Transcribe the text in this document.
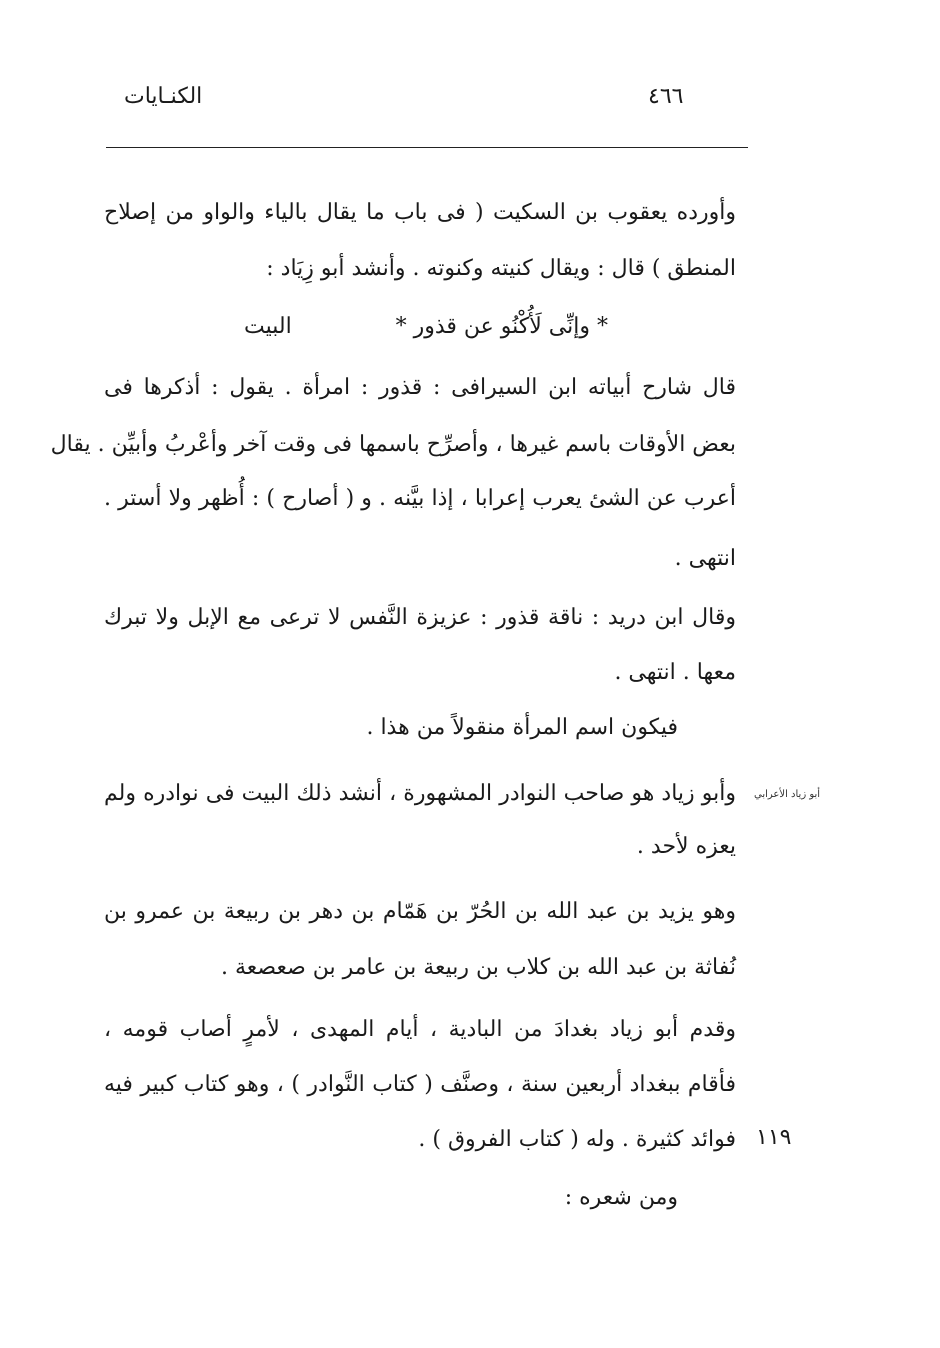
٤٦٦
الكنـايات
وأورده يعقوب بن السكيت ( فى باب ما يقال بالياء والواو من إصلاح
المنطق ) قال : ويقال كنيته وكنوته . وأنشد أبو زِيَاد :
* وإنِّى لَأُكْنُو عن قذور *
البيت
قال شارح أبياته ابن السيرافى : قذور : امرأة . يقول : أذكرها فى
بعض الأوقات باسم غيرها ، وأصرِّح باسمها فى وقت آخر وأعْربُ وأبيِّن . يقال
أعرب عن الشئ يعرب إعرابا ، إذا بيَّنه . و ( أصارح ) : أُظهر ولا أستر .
انتهى .
وقال ابن دريد : ناقة قذور : عزيزة النَّفس لا ترعى مع الإبل ولا تبرك
معها . انتهى .
فيكون اسم المرأة منقولاً من هذا .
أبو زياد الأعرابي
وأبو زياد هو صاحب النوادر المشهورة ، أنشد ذلك البيت فى نوادره ولم
يعزه لأحد .
وهو يزيد بن عبد الله بن الحُرّ بن هَمّام بن دهر بن ربيعة بن عمرو بن
نُفاثة بن عبد الله بن كلاب بن ربيعة بن عامر بن صعصعة .
وقدم أبو زياد بغدادَ من البادية ، أيام المهدى ، لأمرٍ أصاب قومه ،
فأقام ببغداد أربعين سنة ، وصنَّف ( كتاب النَّوادر ) ، وهو كتاب كبير فيه
١١٩
فوائد كثيرة . وله ( كتاب الفروق ) .
ومن شعره :
